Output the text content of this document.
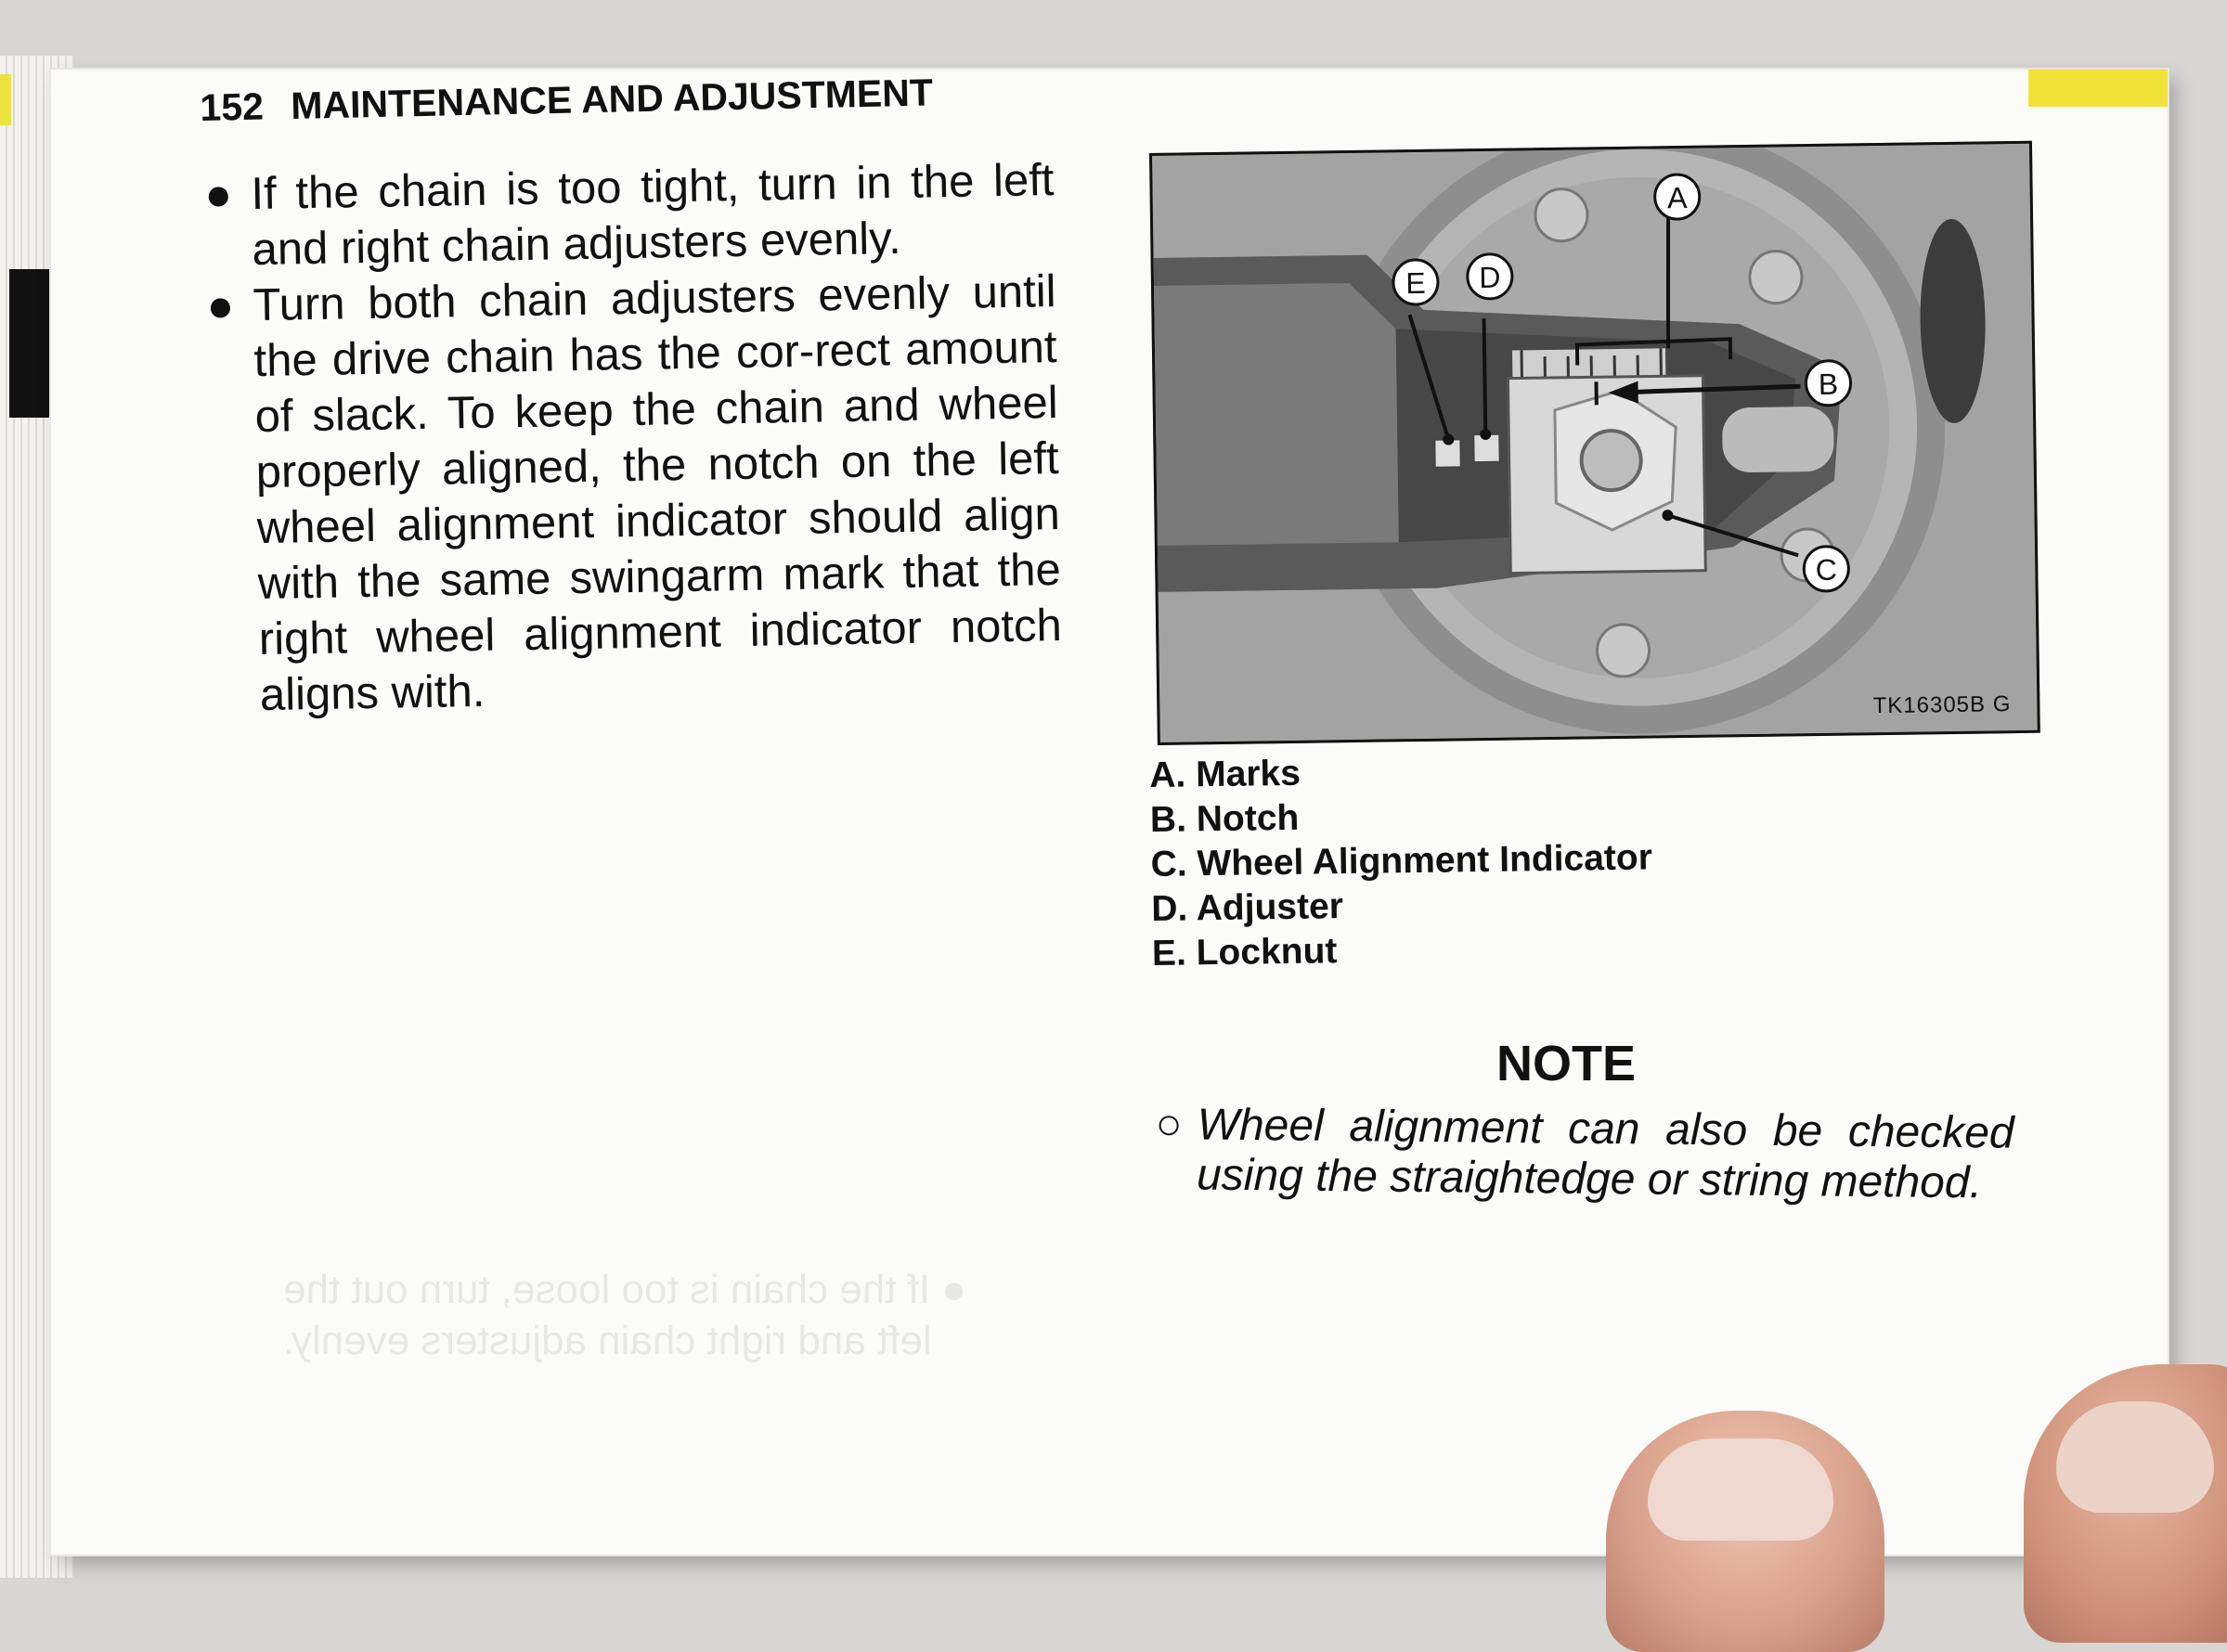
● If the chain is too loose, turn out the
left and right chain adjusters evenly.
152 MAINTENANCE AND ADJUSTMENT

● If the chain is too tight, turn in the left and right chain adjusters evenly.

● Turn both chain adjusters evenly until the drive chain has the cor-rect amount of slack. To keep the chain and wheel properly aligned, the notch on the left wheel alignment indicator should align with the same swingarm mark that the right wheel alignment indicator notch aligns with.

A
B
C
D
E
TK16305B G
A. Marks
B. Notch
C. Wheel Alignment Indicator
D. Adjuster
E. Locknut
NOTE
○ Wheel alignment can also be checked using the straightedge or string method.
